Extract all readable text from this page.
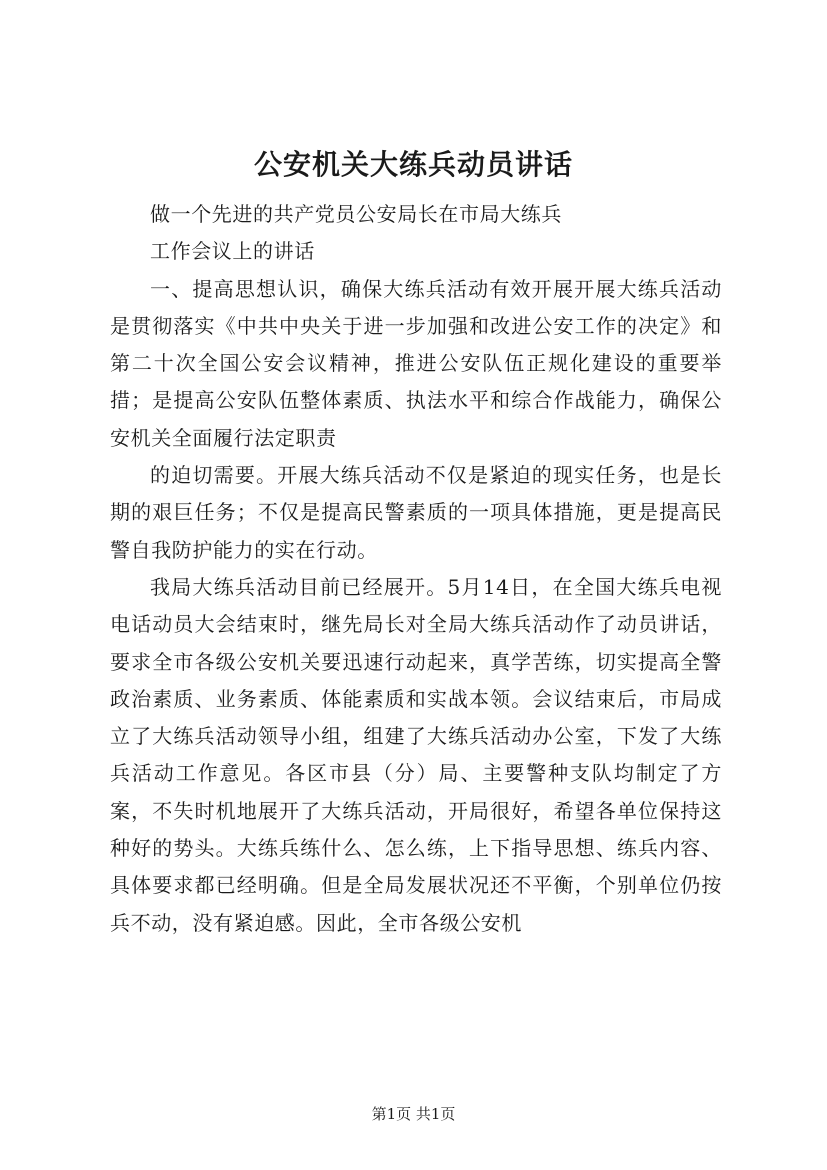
公安机关大练兵动员讲话

做一个先进的共产党员公安局长在市局大练兵

工作会议上的讲话

一、提高思想认识，确保大练兵活动有效开展开展大练兵活动是贯彻落实《中共中央关于进一步加强和改进公安工作的决定》和第二十次全国公安会议精神，推进公安队伍正规化建设的重要举措；是提高公安队伍整体素质、执法水平和综合作战能力，确保公安机关全面履行法定职责

的迫切需要。开展大练兵活动不仅是紧迫的现实任务，也是长期的艰巨任务；不仅是提高民警素质的一项具体措施，更是提高民警自我防护能力的实在行动。

我局大练兵活动目前已经展开。5月14日，在全国大练兵电视电话动员大会结束时，继先局长对全局大练兵活动作了动员讲话，要求全市各级公安机关要迅速行动起来，真学苦练，切实提高全警政治素质、业务素质、体能素质和实战本领。会议结束后，市局成立了大练兵活动领导小组，组建了大练兵活动办公室，下发了大练兵活动工作意见。各区市县（分）局、主要警种支队均制定了方案，不失时机地展开了大练兵活动，开局很好，希望各单位保持这种好的势头。大练兵练什么、怎么练，上下指导思想、练兵内容、具体要求都已经明确。但是全局发展状况还不平衡，个别单位仍按兵不动，没有紧迫感。因此，全市各级公安机

第1页 共1页
